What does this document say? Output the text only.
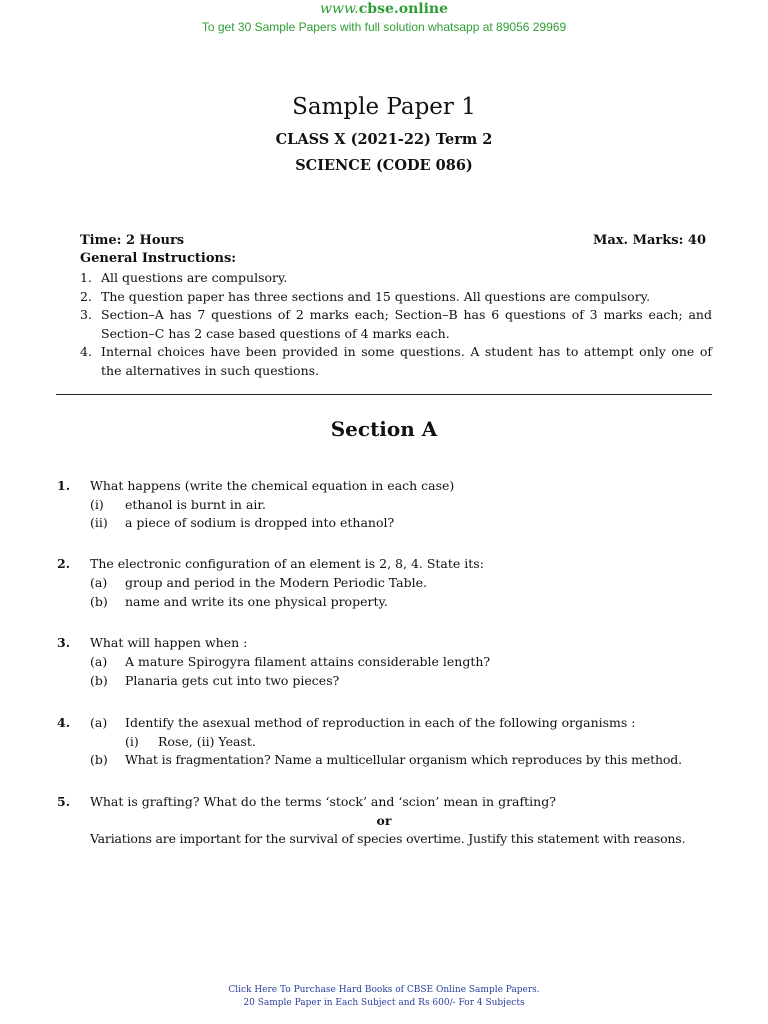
www.cbse.online
To get 30 Sample Papers with full solution whatsapp at 89056 29969
Sample Paper 1
CLASS X (2021-22) Term 2
SCIENCE (CODE 086)
Time: 2 Hours	Max. Marks: 40
General Instructions:
1. All questions are compulsory.
2. The question paper has three sections and 15 questions. All questions are compulsory.
3. Section–A has 7 questions of 2 marks each; Section–B has 6 questions of 3 marks each; and Section–C has 2 case based questions of 4 marks each.
4. Internal choices have been provided in some questions. A student has to attempt only one of the alternatives in such questions.
Section A
1. What happens (write the chemical equation in each case)
(i) ethanol is burnt in air.
(ii) a piece of sodium is dropped into ethanol?
2. The electronic configuration of an element is 2, 8, 4. State its:
(a) group and period in the Modern Periodic Table.
(b) name and write its one physical property.
3. What will happen when :
(a) A mature Spirogyra filament attains considerable length?
(b) Planaria gets cut into two pieces?
4. (a) Identify the asexual method of reproduction in each of the following organisms :
(i) Rose, (ii) Yeast.
(b) What is fragmentation? Name a multicellular organism which reproduces by this method.
5. What is grafting? What do the terms ‘stock’ and ‘scion’ mean in grafting?
or
Variations are important for the survival of species overtime. Justify this statement with reasons.
Click Here To Purchase Hard Books of CBSE Online Sample Papers.
20 Sample Paper in Each Subject and Rs 600/- For 4 Subjects
